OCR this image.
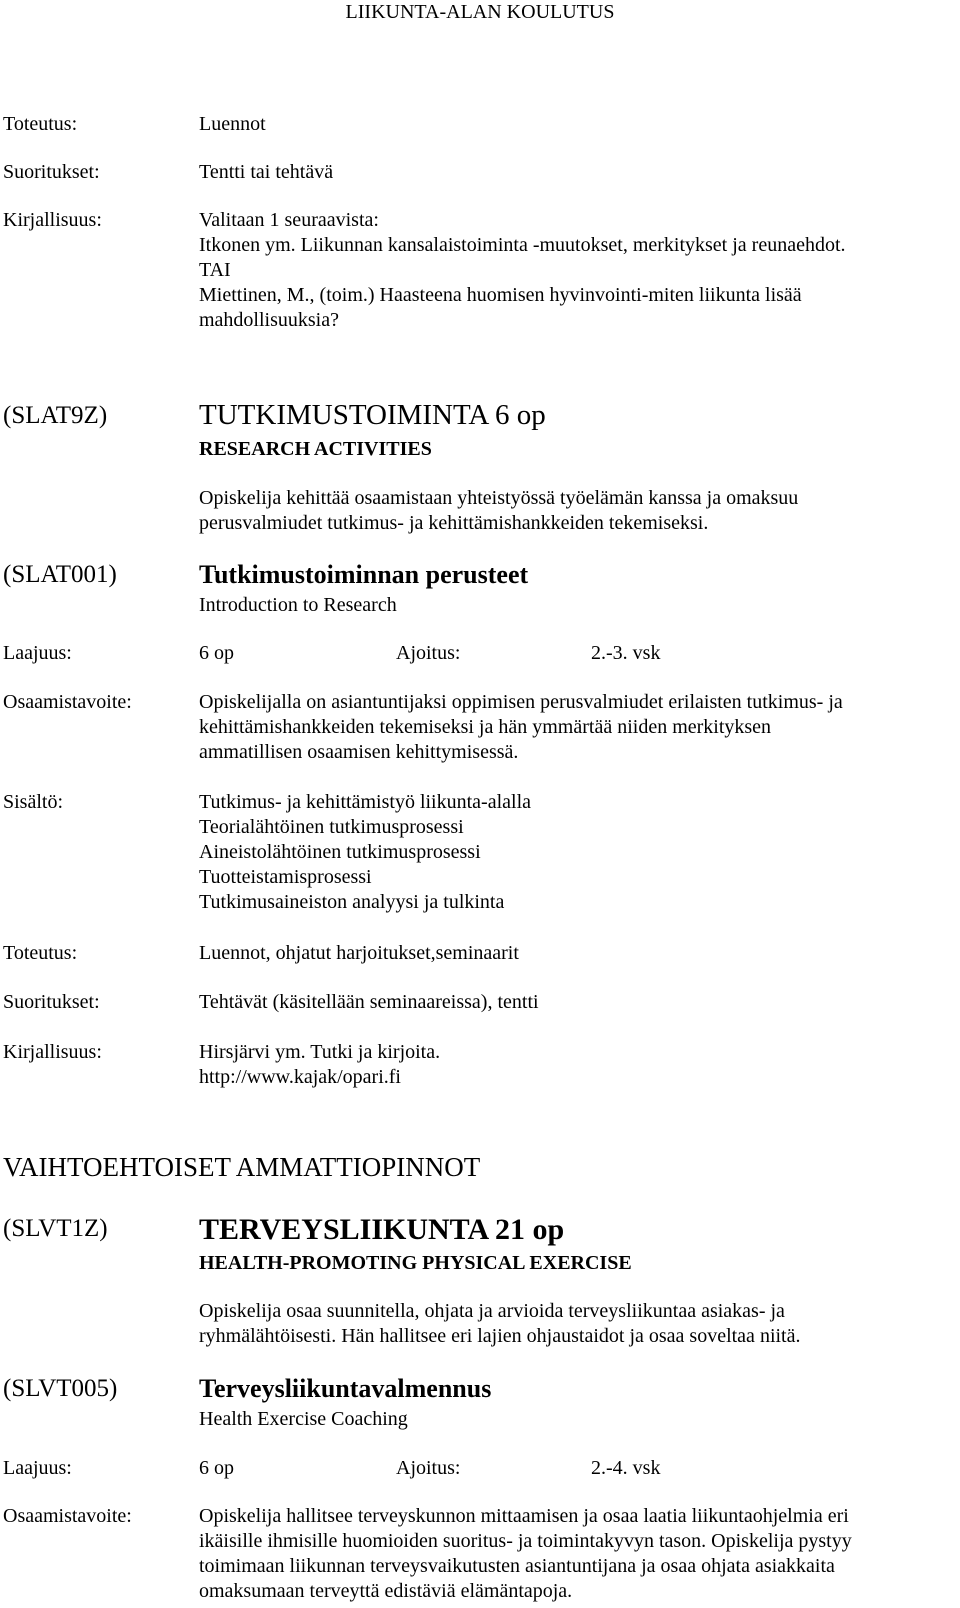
LIIKUNTA-ALAN KOULUTUS
Toteutus:	Luennot
Suoritukset:	Tentti tai tehtävä
Kirjallisuus:	Valitaan 1 seuraavista:
Itkonen ym. Liikunnan kansalaistoiminta -muutokset, merkitykset ja reunaehdot.
TAI
Miettinen, M., (toim.) Haasteena huomisen hyvinvointi-miten liikunta lisää
mahdollisuuksia?
(SLAT9Z)	TUTKIMUSTOIMINTA 6 op
RESEARCH ACTIVITIES
Opiskelija kehittää osaamistaan yhteistyössä työelämän kanssa ja omaksuu
perusvalmiudet tutkimus- ja kehittämishankkeiden tekemiseksi.
(SLAT001)	Tutkimustoiminnan perusteet
Introduction to Research
Laajuus:	6 op	Ajoitus:	2.-3. vsk
Osaamistavoite:	Opiskelijalla on asiantuntijaksi oppimisen perusvalmiudet erilaisten tutkimus- ja
kehittämishankkeiden tekemiseksi ja hän ymmärtää niiden merkityksen
ammatillisen osaamisen kehittymisessä.
Sisältö:	Tutkimus- ja kehittämistyö liikunta-alalla
Teorialähtöinen tutkimusprosessi
Aineistolähtöinen tutkimusprosessi
Tuotteistamisprosessi
Tutkimusaineiston analyysi ja tulkinta
Toteutus:	Luennot, ohjatut harjoitukset,seminaarit
Suoritukset:	Tehtävät (käsitellään seminaareissa), tentti
Kirjallisuus:	Hirsjärvi ym. Tutki ja kirjoita.
http://www.kajak/opari.fi
VAIHTOEHTOISET AMMATTIOPINNOT
(SLVT1Z)	TERVEYSLIIKUNTA 21 op
HEALTH-PROMOTING PHYSICAL EXERCISE
Opiskelija osaa suunnitella, ohjata ja arvioida terveysliikuntaa asiakas- ja
ryhmälähtöisesti. Hän hallitsee eri lajien ohjaustaidot ja osaa soveltaa niitä.
(SLVT005)	Terveysliikuntavalmennus
Health Exercise Coaching
Laajuus:	6 op	Ajoitus:	2.-4. vsk
Osaamistavoite:	Opiskelija hallitsee terveyskunnon mittaamisen ja osaa laatia liikuntaohjelmia eri
ikäisille ihmisille huomioiden suoritus- ja toimintakyvyn tason. Opiskelija pystyy
toimimaan liikunnan terveysvaikutusten asiantuntijana ja osaa ohjata asiakkaita
omaksumaan terveyttä edistäviä elämäntapoja.
